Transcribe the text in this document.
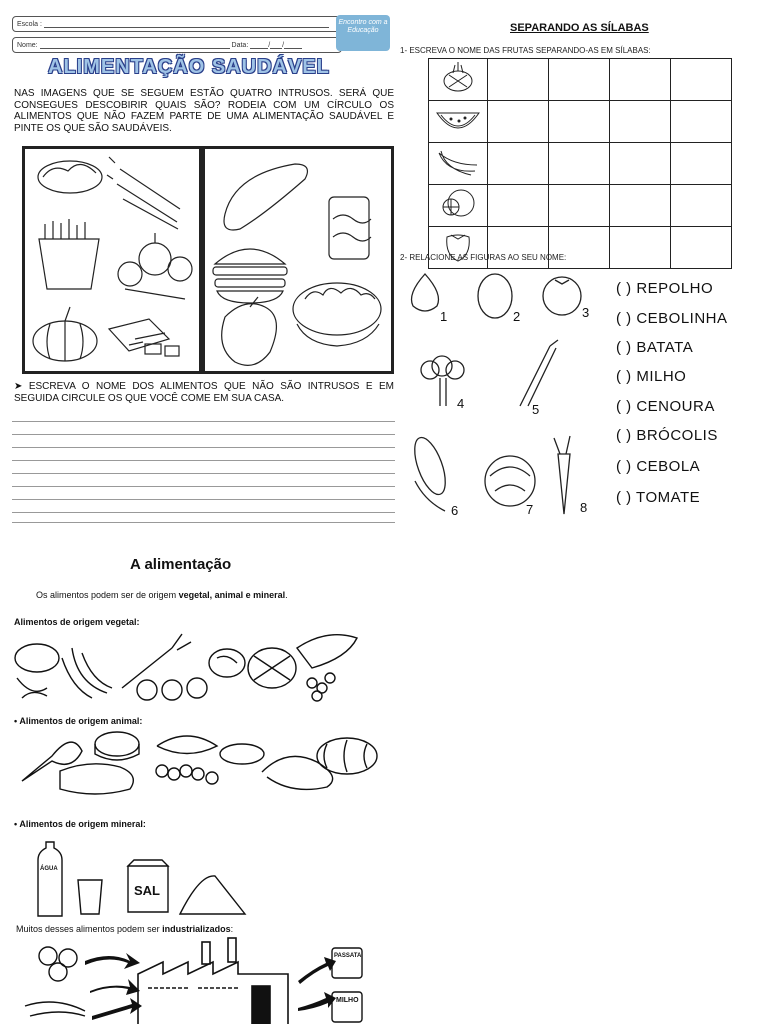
Escola :
Nome:	Data:	/ /
Encontro com a Educação
ALIMENTAÇÃO SAUDÁVEL
NAS IMAGENS QUE SE SEGUEM ESTÃO QUATRO INTRUSOS. SERÁ QUE CONSEGUES DESCOBIRIR QUAIS SÃO? RODEIA COM UM CÍRCULO OS ALIMENTOS QUE NÃO FAZEM PARTE DE UMA ALIMENTAÇÃO SAUDÁVEL E PINTE OS QUE SÃO SAUDÁVEIS.
➤ ESCREVA O NOME DOS ALIMENTOS QUE NÃO SÃO INTRUSOS E EM SEGUIDA CIRCULE OS QUE VOCÊ COME EM SUA CASA.
SEPARANDO AS SÍLABAS
1- ESCREVA O NOME DAS FRUTAS SEPARANDO-AS EM SÍLABAS:

2- RELACIONE AS FIGURAS AO SEU NOME:
1	2	3
4	5
6	7	8
( ) REPOLHO
( ) CEBOLINHA
( ) BATATA
( ) MILHO
( ) CENOURA
( ) BRÓCOLIS
( ) CEBOLA
( ) TOMATE
A alimentação
Os alimentos podem ser de origem vegetal, animal e mineral.
Alimentos de origem vegetal:
• Alimentos de origem animal:
• Alimentos de origem mineral:
ÁGUA
SAL
Muitos desses alimentos podem ser industrializados:
PASSATA
MILHO
